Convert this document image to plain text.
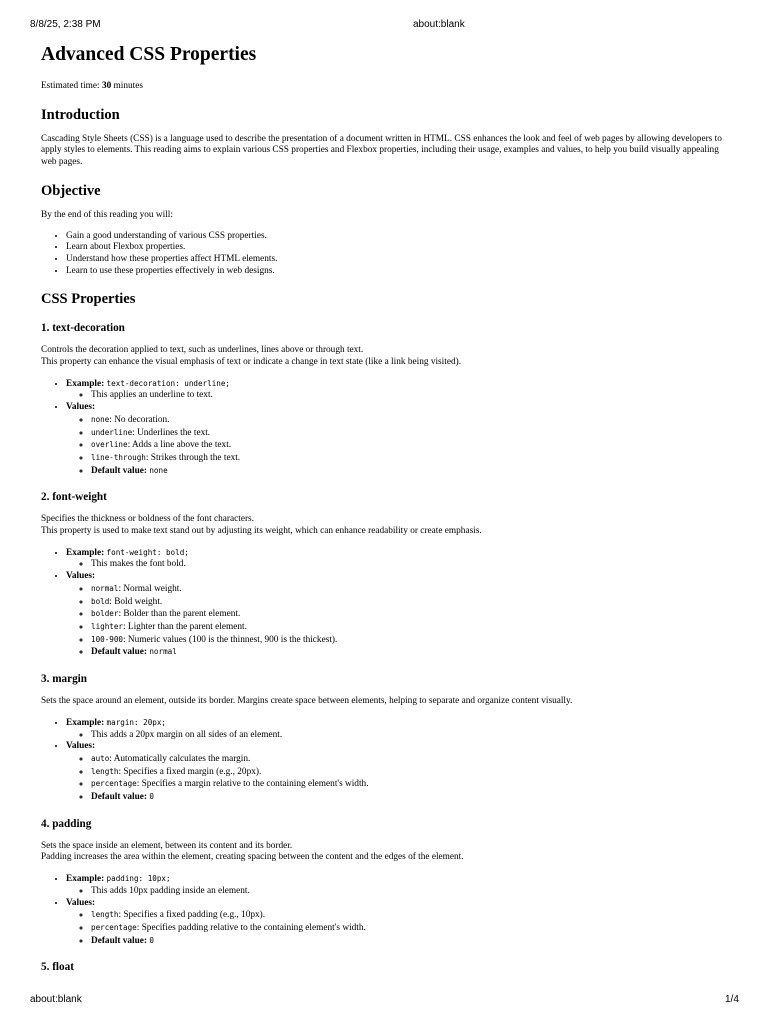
8/8/25, 2:38 PM	about:blank
Advanced CSS Properties

Estimated time: 30 minutes

Introduction

Cascading Style Sheets (CSS) is a language used to describe the presentation of a document written in HTML. CSS enhances the look and feel of web pages by allowing developers to apply styles to elements. This reading aims to explain various CSS properties and Flexbox properties, including their usage, examples and values, to help you build visually appealing web pages.

Objective

By the end of this reading you will:

• Gain a good understanding of various CSS properties.
• Learn about Flexbox properties.
• Understand how these properties affect HTML elements.
• Learn to use these properties effectively in web designs.
CSS Properties
1. text-decoration

Controls the decoration applied to text, such as underlines, lines above or through text.
This property can enhance the visual emphasis of text or indicate a change in text state (like a link being visited).

• Example: text-decoration: underline;
◦ This applies an underline to text.
• Values:
◦ none: No decoration.
◦ underline: Underlines the text.
◦ overline: Adds a line above the text.
◦ line-through: Strikes through the text.
◦ Default value: none
2. font-weight

Specifies the thickness or boldness of the font characters.
This property is used to make text stand out by adjusting its weight, which can enhance readability or create emphasis.

• Example: font-weight: bold;
◦ This makes the font bold.
• Values:
◦ normal: Normal weight.
◦ bold: Bold weight.
◦ bolder: Bolder than the parent element.
◦ lighter: Lighter than the parent element.
◦ 100-900: Numeric values (100 is the thinnest, 900 is the thickest).
◦ Default value: normal
3. margin

Sets the space around an element, outside its border. Margins create space between elements, helping to separate and organize content visually.

• Example: margin: 20px;
◦ This adds a 20px margin on all sides of an element.
• Values:
◦ auto: Automatically calculates the margin.
◦ length: Specifies a fixed margin (e.g., 20px).
◦ percentage: Specifies a margin relative to the containing element's width.
◦ Default value: 0
4. padding

Sets the space inside an element, between its content and its border.
Padding increases the area within the element, creating spacing between the content and the edges of the element.

• Example: padding: 10px;
◦ This adds 10px padding inside an element.
• Values:
◦ length: Specifies a fixed padding (e.g., 10px).
◦ percentage: Specifies padding relative to the containing element's width.
◦ Default value: 0
5. float
about:blank	1/4
